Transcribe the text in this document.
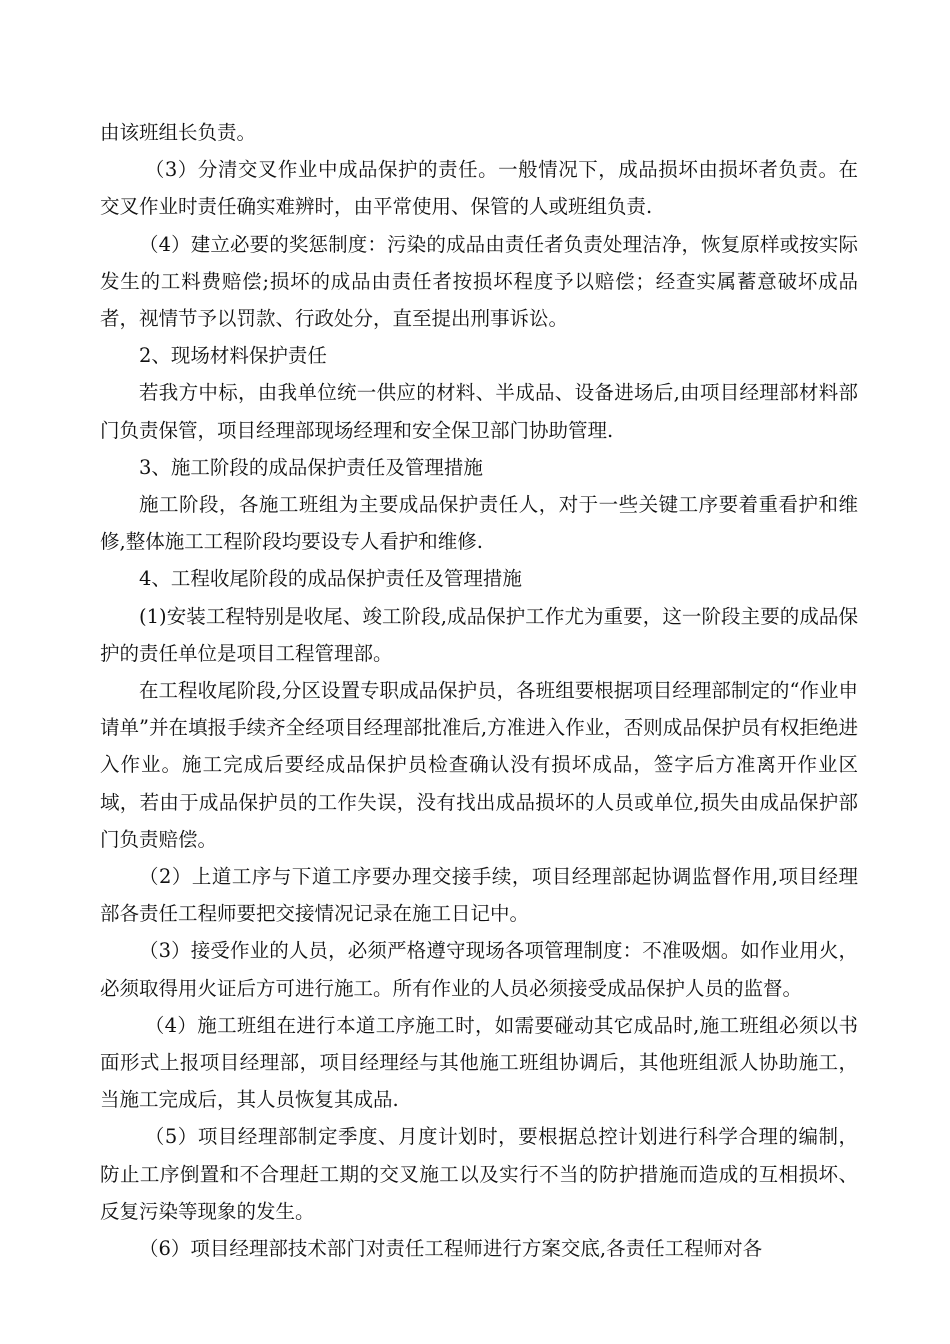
由该班组长负责。

（3）分清交叉作业中成品保护的责任。一般情况下，成品损坏由损坏者负责。在交叉作业时责任确实难辨时，由平常使用、保管的人或班组负责.

（4）建立必要的奖惩制度：污染的成品由责任者负责处理洁净，恢复原样或按实际发生的工料费赔偿;损坏的成品由责任者按损坏程度予以赔偿；经查实属蓄意破坏成品者，视情节予以罚款、行政处分，直至提出刑事诉讼。

2、现场材料保护责任

若我方中标，由我单位统一供应的材料、半成品、设备进场后,由项目经理部材料部门负责保管，项目经理部现场经理和安全保卫部门协助管理.

3、施工阶段的成品保护责任及管理措施

施工阶段，各施工班组为主要成品保护责任人，对于一些关键工序要着重看护和维修,整体施工工程阶段均要设专人看护和维修.

4、工程收尾阶段的成品保护责任及管理措施

(1)安装工程特别是收尾、竣工阶段,成品保护工作尤为重要，这一阶段主要的成品保护的责任单位是项目工程管理部。

在工程收尾阶段,分区设置专职成品保护员，各班组要根据项目经理部制定的“作业申请单”并在填报手续齐全经项目经理部批准后,方准进入作业，否则成品保护员有权拒绝进入作业。施工完成后要经成品保护员检查确认没有损坏成品，签字后方准离开作业区域，若由于成品保护员的工作失误，没有找出成品损坏的人员或单位,损失由成品保护部门负责赔偿。

（2）上道工序与下道工序要办理交接手续，项目经理部起协调监督作用,项目经理部各责任工程师要把交接情况记录在施工日记中。

（3）接受作业的人员，必须严格遵守现场各项管理制度：不准吸烟。如作业用火，必须取得用火证后方可进行施工。所有作业的人员必须接受成品保护人员的监督。

（4）施工班组在进行本道工序施工时，如需要碰动其它成品时,施工班组必须以书面形式上报项目经理部，项目经理经与其他施工班组协调后，其他班组派人协助施工，当施工完成后，其人员恢复其成品.

（5）项目经理部制定季度、月度计划时，要根据总控计划进行科学合理的编制，防止工序倒置和不合理赶工期的交叉施工以及实行不当的防护措施而造成的互相损坏、反复污染等现象的发生。

（6）项目经理部技术部门对责任工程师进行方案交底,各责任工程师对各
